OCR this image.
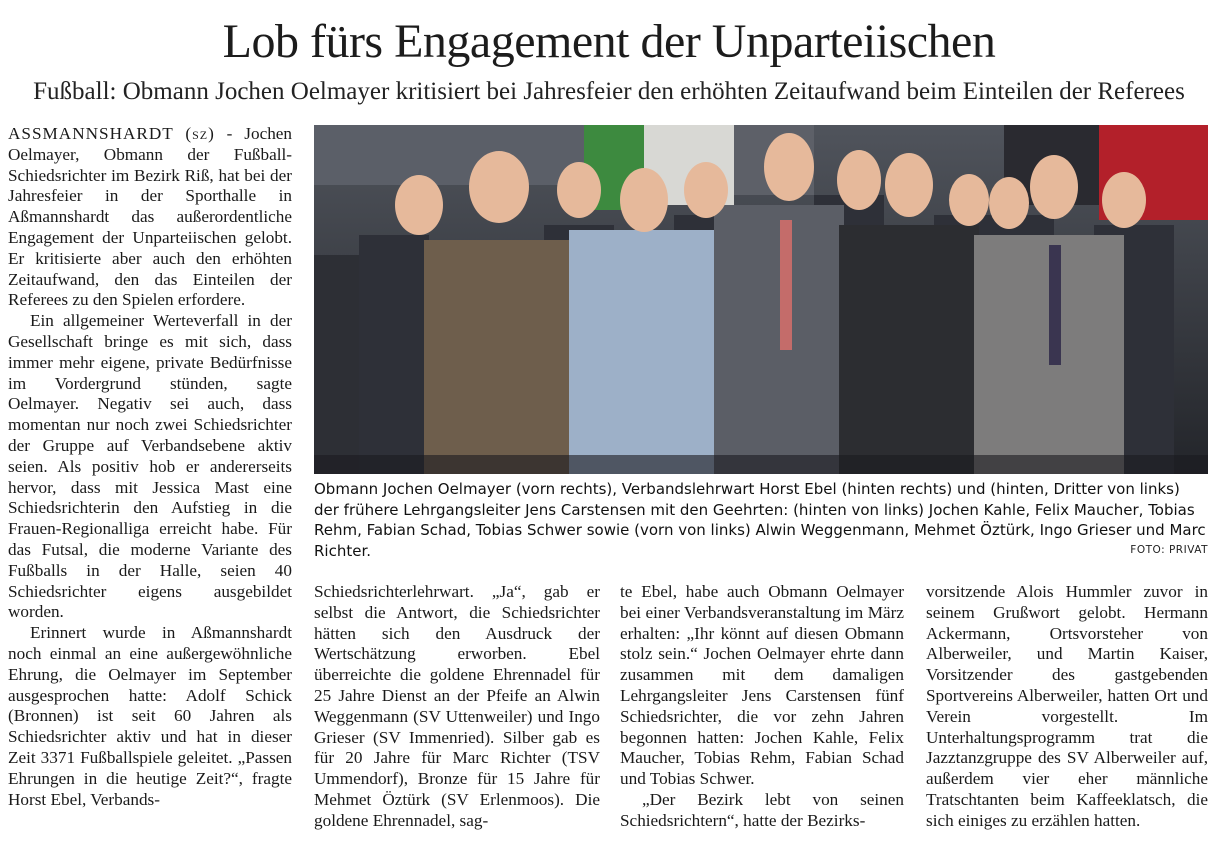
Lob fürs Engagement der Unparteiischen
Fußball: Obmann Jochen Oelmayer kritisiert bei Jahresfeier den erhöhten Zeitaufwand beim Einteilen der Referees

ASSMANNSHARDT (sz) - Jochen Oelmayer, Obmann der Fußball-Schiedsrichter im Bezirk Riß, hat bei der Jahresfeier in der Sporthalle in Aßmannshardt das außerordentliche Engagement der Unparteiischen gelobt. Er kritisierte aber auch den erhöhten Zeitaufwand, den das Einteilen der Referees zu den Spielen erfordere.

Ein allgemeiner Werteverfall in der Gesellschaft bringe es mit sich, dass immer mehr eigene, private Bedürfnisse im Vordergrund stünden, sagte Oelmayer. Negativ sei auch, dass momentan nur noch zwei Schiedsrichter der Gruppe auf Verbandsebene aktiv seien. Als positiv hob er andererseits hervor, dass mit Jessica Mast eine Schiedsrichterin den Aufstieg in die Frauen-Regionalliga erreicht habe. Für das Futsal, die moderne Variante des Fußballs in der Halle, seien 40 Schiedsrichter eigens ausgebildet worden.

Erinnert wurde in Aßmannshardt noch einmal an eine außergewöhnliche Ehrung, die Oelmayer im September ausgesprochen hatte: Adolf Schick (Bronnen) ist seit 60 Jahren als Schiedsrichter aktiv und hat in dieser Zeit 3371 Fußballspiele geleitet. „Passen Ehrungen in die heutige Zeit?“, fragte Horst Ebel, Verbands-

Obmann Jochen Oelmayer (vorn rechts), Verbandslehrwart Horst Ebel (hinten rechts) und (hinten, Dritter von links) der frühere Lehrgangsleiter Jens Carstensen mit den Geehrten: (hinten von links) Jochen Kahle, Felix Maucher, Tobias Rehm, Fabian Schad, Tobias Schwer sowie (vorn von links) Alwin Weggenmann, Mehmet Öztürk, Ingo Grieser und Marc Richter.	FOTO: PRIVAT

Schiedsrichterlehrwart. „Ja“, gab er selbst die Antwort, die Schiedsrichter hätten sich den Ausdruck der Wertschätzung erworben. Ebel überreichte die goldene Ehrennadel für 25 Jahre Dienst an der Pfeife an Alwin Weggenmann (SV Uttenweiler) und Ingo Grieser (SV Immenried). Silber gab es für 20 Jahre für Marc Richter (TSV Ummendorf), Bronze für 15 Jahre für Mehmet Öztürk (SV Erlenmoos). Die goldene Ehrennadel, sag-

te Ebel, habe auch Obmann Oelmayer bei einer Verbandsveranstaltung im März erhalten: „Ihr könnt auf diesen Obmann stolz sein.“ Jochen Oelmayer ehrte dann zusammen mit dem damaligen Lehrgangsleiter Jens Carstensen fünf Schiedsrichter, die vor zehn Jahren begonnen hatten: Jochen Kahle, Felix Maucher, Tobias Rehm, Fabian Schad und Tobias Schwer.

„Der Bezirk lebt von seinen Schiedsrichtern“, hatte der Bezirks-

vorsitzende Alois Hummler zuvor in seinem Grußwort gelobt. Hermann Ackermann, Ortsvorsteher von Alberweiler, und Martin Kaiser, Vorsitzender des gastgebenden Sportvereins Alberweiler, hatten Ort und Verein vorgestellt. Im Unterhaltungsprogramm trat die Jazztanzgruppe des SV Alberweiler auf, außerdem vier eher männliche Tratschtanten beim Kaffeeklatsch, die sich einiges zu erzählen hatten.
